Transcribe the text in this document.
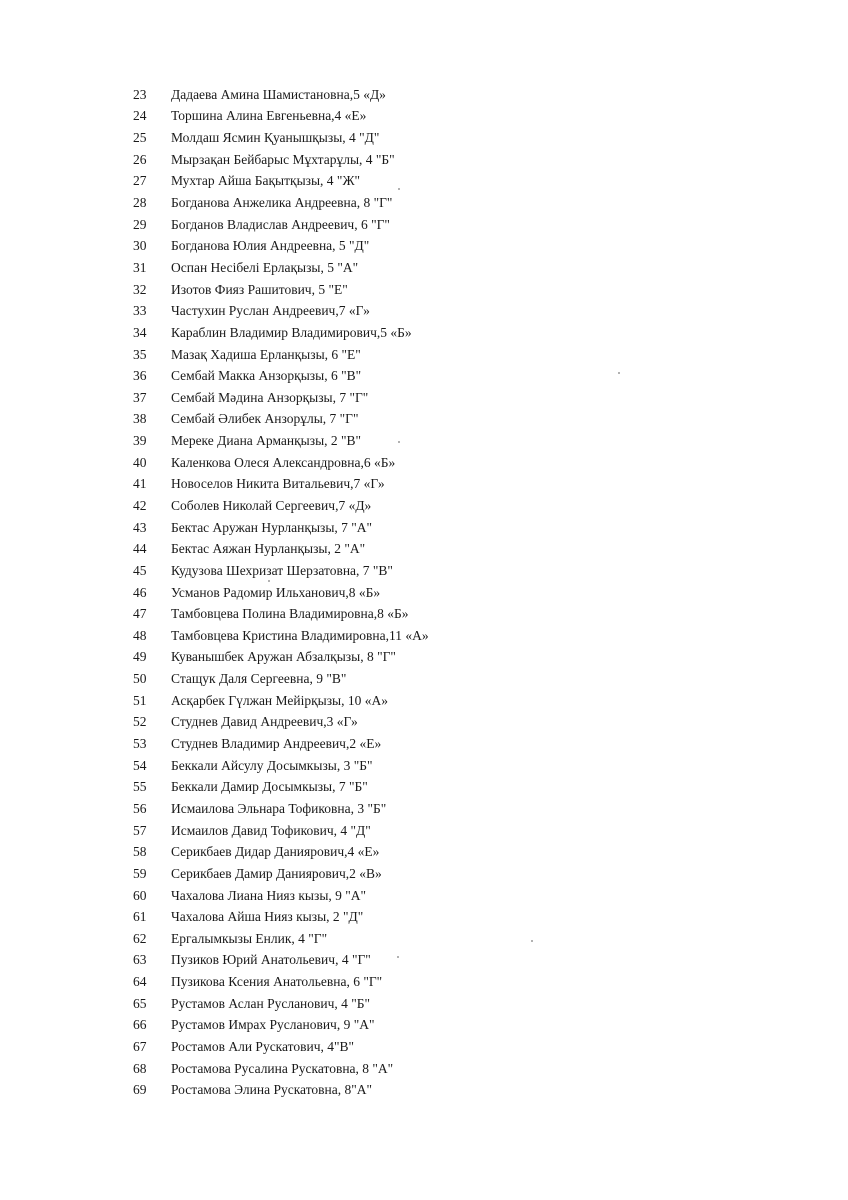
23	Дадаева Амина Шамистановна,5 «Д»
24	Торшина Алина Евгеньевна,4 «Е»
25	Молдаш Ясмин Қуанышқызы, 4 "Д"
26	Мырзақан Бейбарыс Мұхтарұлы, 4 "Б"
27	Мухтар Айша Бақытқызы, 4 "Ж"
28	Богданова Анжелика Андреевна, 8 "Г"
29	Богданов Владислав Андреевич, 6 "Г"
30	Богданова Юлия Андреевна, 5 "Д"
31	Оспан Несібелі Ерлақызы, 5 "А"
32	Изотов Фияз Рашитович, 5 "Е"
33	Частухин Руслан Андреевич,7 «Г»
34	Караблин Владимир Владимирович,5 «Б»
35	Мазақ Хадиша Ерланқызы, 6 "Е"
36	Сембай Макка Анзорқызы, 6 "В"
37	Сембай Мәдина Анзорқызы, 7 "Г"
38	Сембай Әлибек Анзорұлы, 7 "Г"
39	Мереке Диана Арманқызы, 2 "В"
40	Каленкова Олеся Александровна,6 «Б»
41	Новоселов Никита Витальевич,7 «Г»
42	Соболев Николай Сергеевич,7 «Д»
43	Бектас Аружан Нурланқызы, 7 "А"
44	Бектас Аяжан Нурланқызы, 2 "А"
45	Кудузова Шехризат Шерзатовна, 7 "В"
46	Усманов Радомир Ильханович,8 «Б»
47	Тамбовцева Полина Владимировна,8 «Б»
48	Тамбовцева Кристина Владимировна,11 «А»
49	Куванышбек Аружан Абзалқызы, 8 "Г"
50	Стащук Даля Сергеевна, 9 "В"
51	Асқарбек Гүлжан Мейірқызы, 10 «А»
52	Студнев Давид Андреевич,3 «Г»
53	Студнев Владимир Андреевич,2 «Е»
54	Беккали Айсулу Досымкызы, 3 "Б"
55	Беккали Дамир Досымкызы, 7 "Б"
56	Исмаилова Эльнара Тофиковна, 3 "Б"
57	Исмаилов Давид Тофикович, 4 "Д"
58	Серикбаев Дидар Даниярович,4 «Е»
59	Серикбаев Дамир Даниярович,2 «В»
60	Чахалова Лиана Нияз кызы, 9 "А"
61	Чахалова Айша Нияз кызы, 2 "Д"
62	Ергалымкызы Енлик, 4 "Г"
63	Пузиков Юрий Анатольевич, 4 "Г"
64	Пузикова Ксения Анатольевна, 6 "Г"
65	Рустамов Аслан Русланович, 4 "Б"
66	Рустамов Имрах Русланович, 9 "А"
67	Ростамов Али Рускатович, 4"В"
68	Ростамова Русалина Рускатовна, 8 "А"
69	Ростамова Элина Рускатовна, 8"А"
